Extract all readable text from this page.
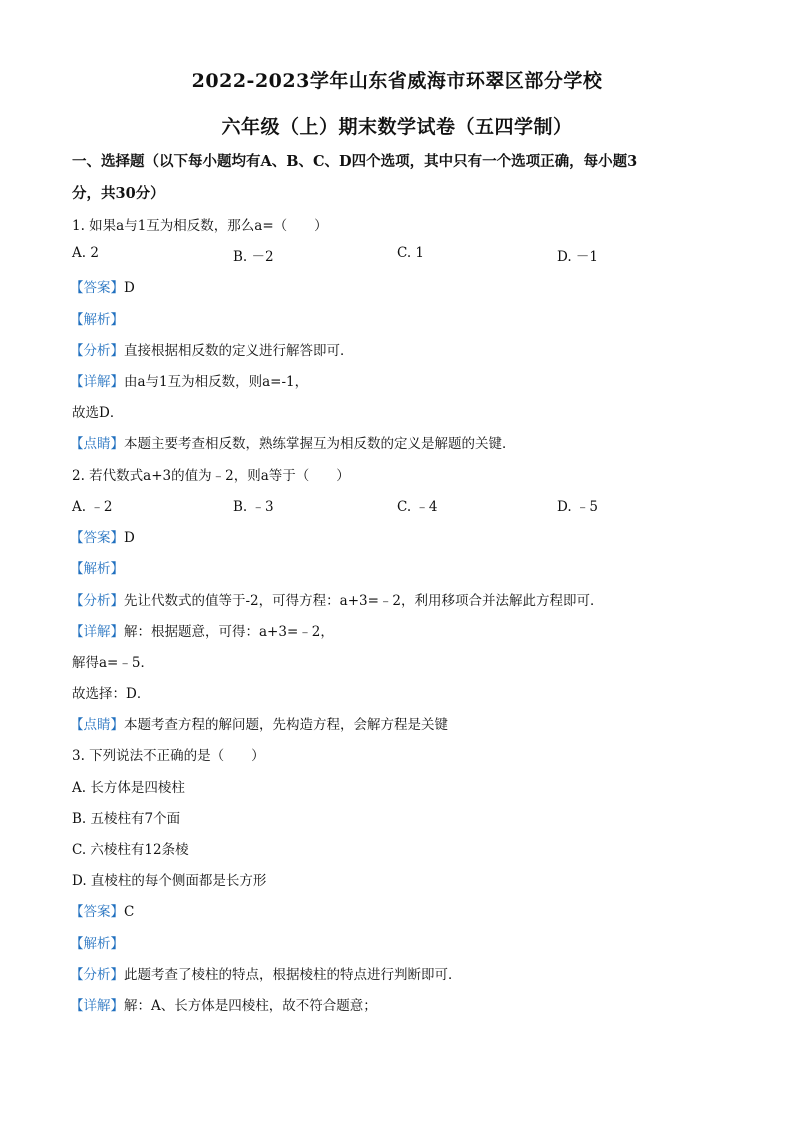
2022-2023学年山东省威海市环翠区部分学校
六年级（上）期末数学试卷（五四学制）
一、选择题（以下每小题均有A、B、C、D四个选项，其中只有一个选项正确，每小题3
分，共30分）
1. 如果a与1互为相反数，那么a=（　　）
A. 2	B. －2	C. 1	D. －1
【答案】D
【解析】
【分析】直接根据相反数的定义进行解答即可．
【详解】由a与1互为相反数，则a=-1，
故选D．
【点睛】本题主要考查相反数，熟练掌握互为相反数的定义是解题的关键．
2. 若代数式a+3的值为﹣2，则a等于（　　）
A. ﹣2	B. ﹣3	C. ﹣4	D. ﹣5
【答案】D
【解析】
【分析】先让代数式的值等于-2，可得方程：a+3=﹣2，利用移项合并法解此方程即可．
【详解】解：根据题意，可得：a+3=﹣2，
解得a=﹣5．
故选择：D．
【点睛】本题考查方程的解问题，先构造方程，会解方程是关键
3. 下列说法不正确的是（　　）
A. 长方体是四棱柱
B. 五棱柱有7个面
C. 六棱柱有12条棱
D. 直棱柱的每个侧面都是长方形
【答案】C
【解析】
【分析】此题考查了棱柱的特点，根据棱柱的特点进行判断即可．
【详解】解：A、长方体是四棱柱，故不符合题意；
